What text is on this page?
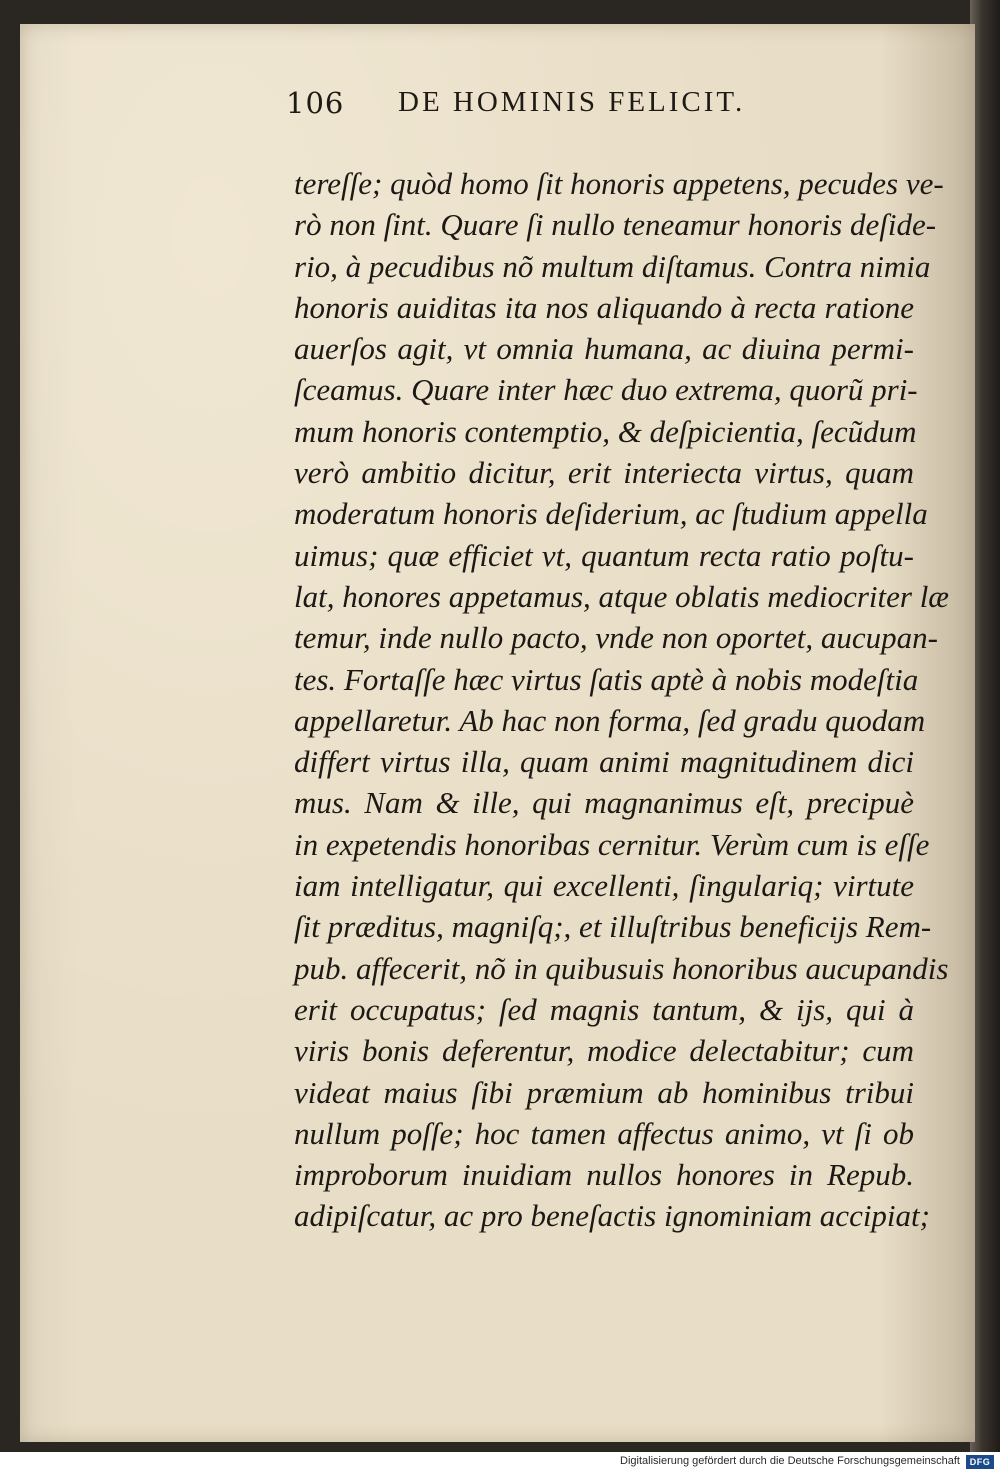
106 DE HOMINIS FELICIT.
tereſſe; quòd homo ſit honoris appetens, pecudes ve-
rò non ſint. Quare ſi nullo teneamur honoris deſide-
rio, à pecudibus nõ multum diſtamus. Contra nimia
honoris auiditas ita nos aliquando à recta ratione
auerſos agit, vt omnia humana, ac diuina permi-
ſceamus. Quare inter hæc duo extrema, quorũ pri-
mum honoris contemptio, & deſpicientia, ſecũdum
verò ambitio dicitur, erit interiecta virtus, quam
moderatum honoris deſiderium, ac ſtudium appella
uimus; quæ efficiet vt, quantum recta ratio poſtu-
lat, honores appetamus, atque oblatis mediocriter læ
temur, inde nullo pacto, vnde non oportet, aucupan-
tes. Fortaſſe hæc virtus ſatis aptè à nobis modeſtia
appellaretur. Ab hac non forma, ſed gradu quodam
differt virtus illa, quam animi magnitudinem dici
mus. Nam & ille, qui magnanimus eſt, precipuè
in expetendis honoribas cernitur. Verùm cum is eſſe
iam intelligatur, qui excellenti, ſingulariq; virtute
ſit præditus, magniſq;, et illuſtribus beneficijs Rem-
pub. affecerit, nõ in quibusuis honoribus aucupandis
erit occupatus; ſed magnis tantum, & ijs, qui à
viris bonis deferentur, modice delectabitur; cum
videat maius ſibi præmium ab hominibus tribui
nullum poſſe; hoc tamen affectus animo, vt ſi ob
improborum inuidiam nullos honores in Repub.
adipiſcatur, ac pro beneſactis ignominiam accipiat;
Digitalisierung gefördert durch die Deutsche Forschungsgemeinschaft	DFG
